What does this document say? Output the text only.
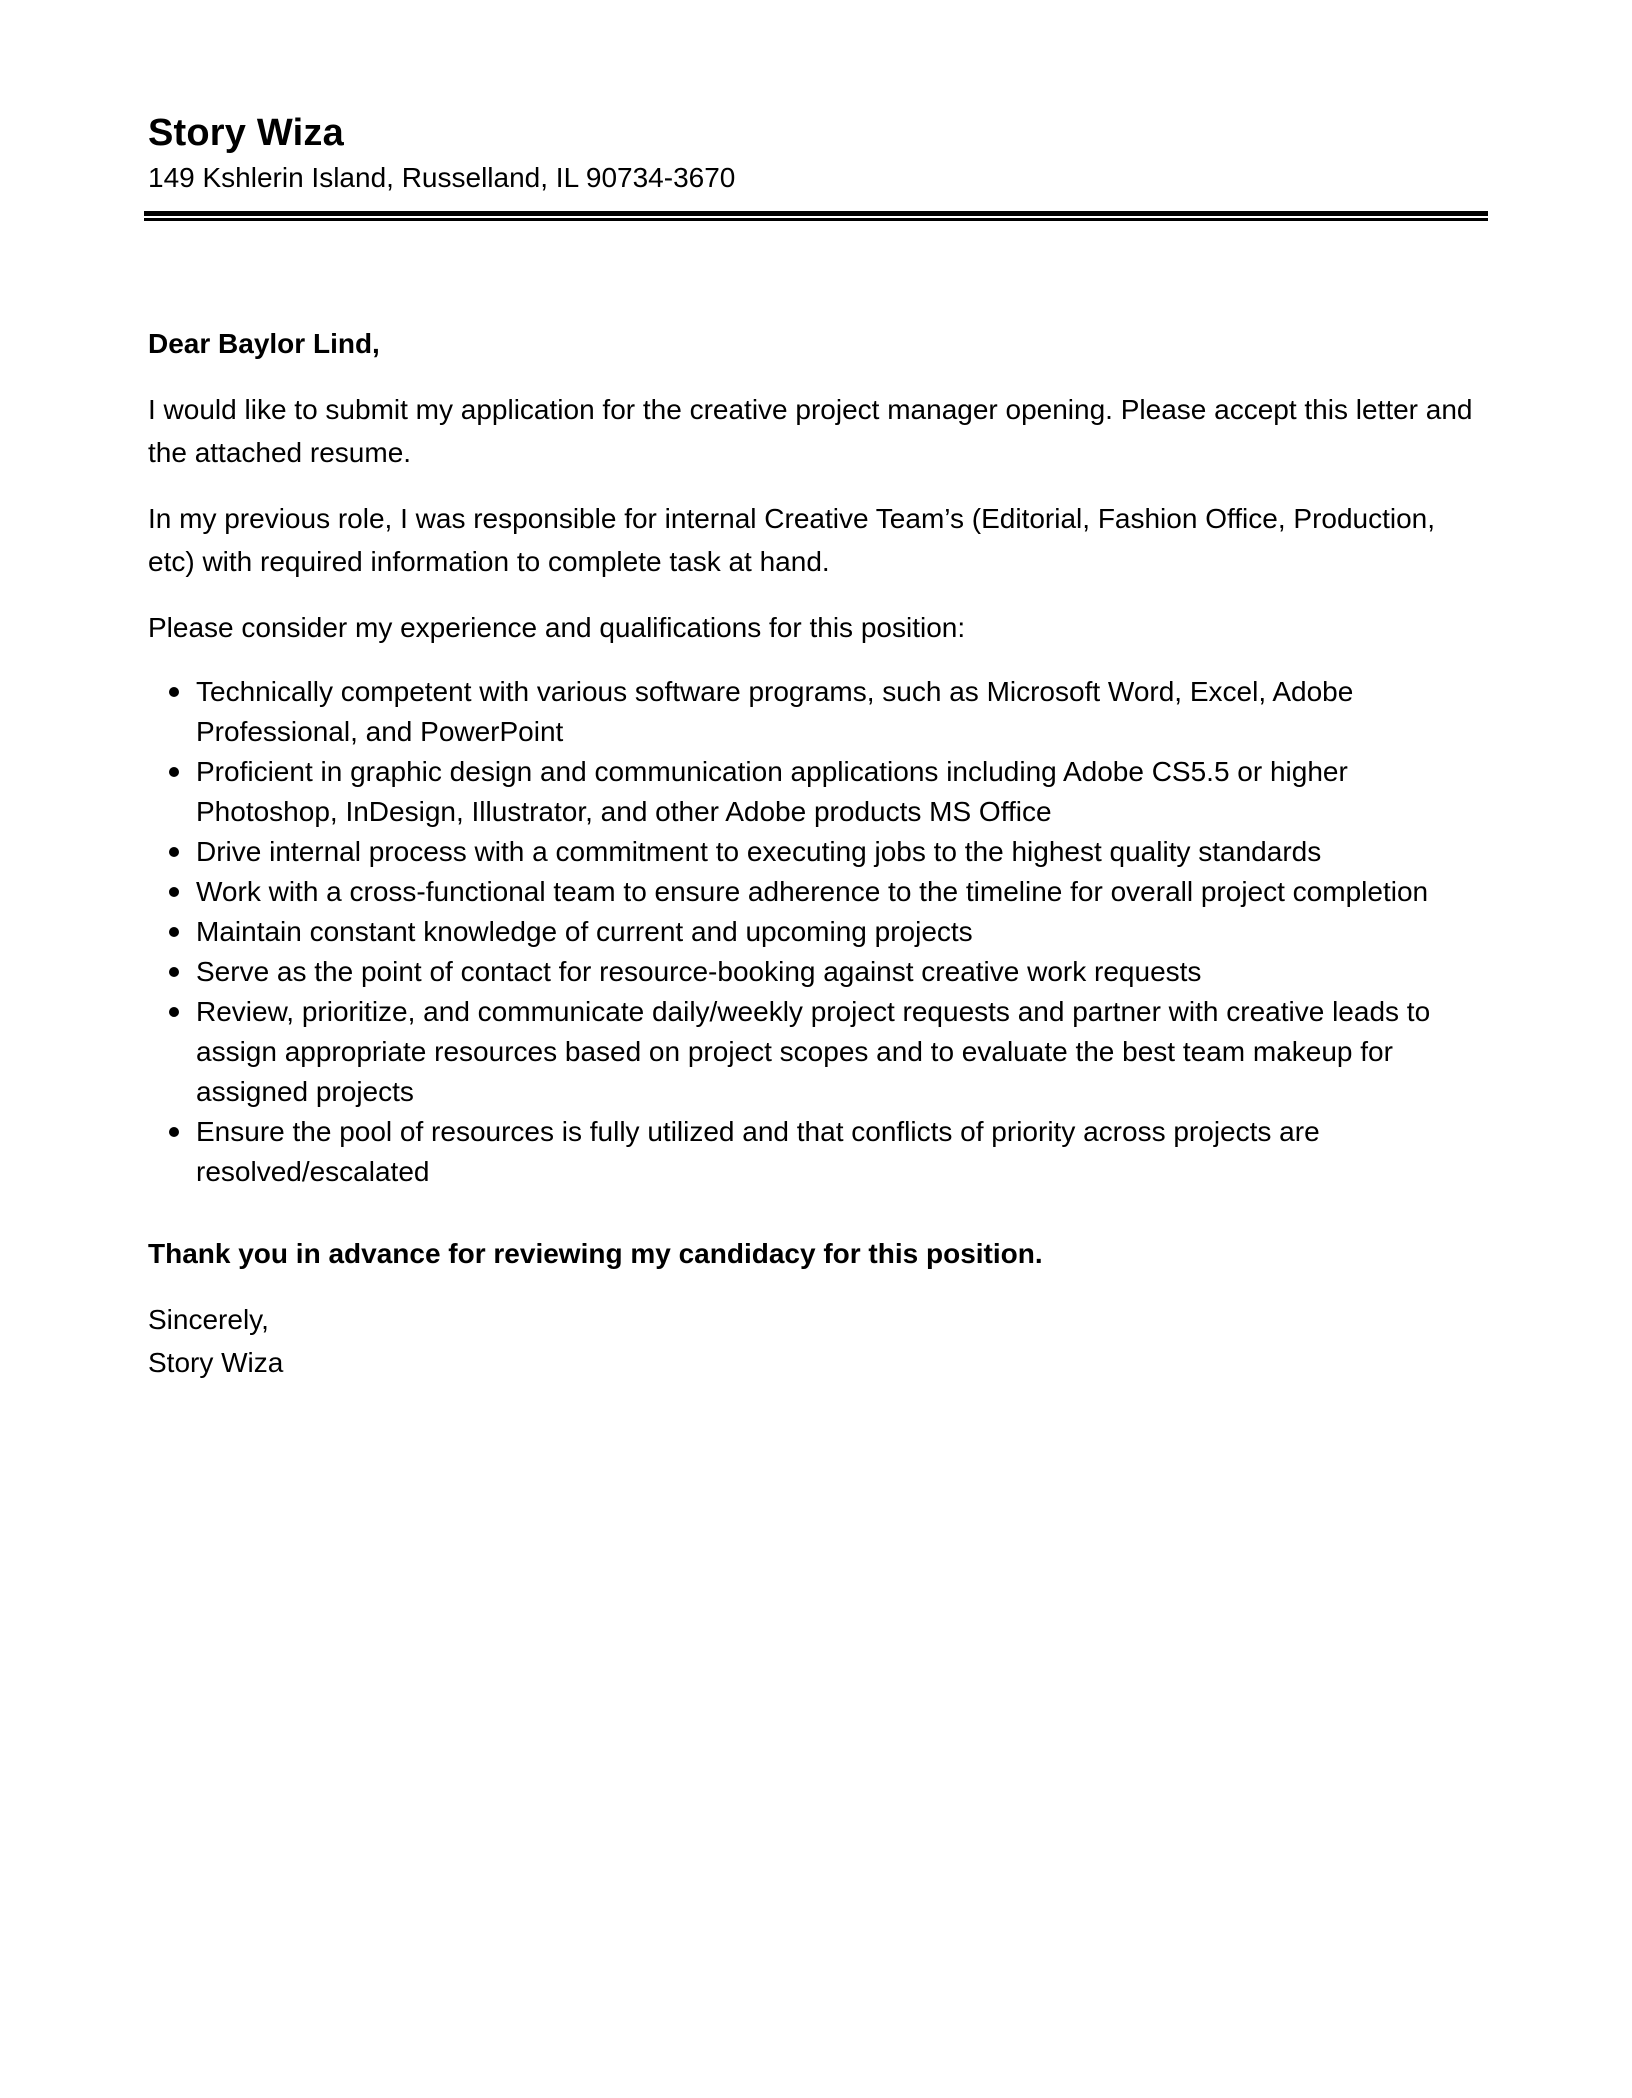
Story Wiza
149 Kshlerin Island, Russelland, IL 90734-3670

Dear Baylor Lind,

I would like to submit my application for the creative project manager opening. Please accept this letter and the attached resume.

In my previous role, I was responsible for internal Creative Team’s (Editorial, Fashion Office, Production, etc) with required information to complete task at hand.

Please consider my experience and qualifications for this position:

Technically competent with various software programs, such as Microsoft Word, Excel, Adobe Professional, and PowerPoint
Proficient in graphic design and communication applications including Adobe CS5.5 or higher Photoshop, InDesign, Illustrator, and other Adobe products MS Office
Drive internal process with a commitment to executing jobs to the highest quality standards
Work with a cross-functional team to ensure adherence to the timeline for overall project completion
Maintain constant knowledge of current and upcoming projects
Serve as the point of contact for resource-booking against creative work requests
Review, prioritize, and communicate daily/weekly project requests and partner with creative leads to assign appropriate resources based on project scopes and to evaluate the best team makeup for assigned projects
Ensure the pool of resources is fully utilized and that conflicts of priority across projects are resolved/escalated

Thank you in advance for reviewing my candidacy for this position.

Sincerely,

Story Wiza
